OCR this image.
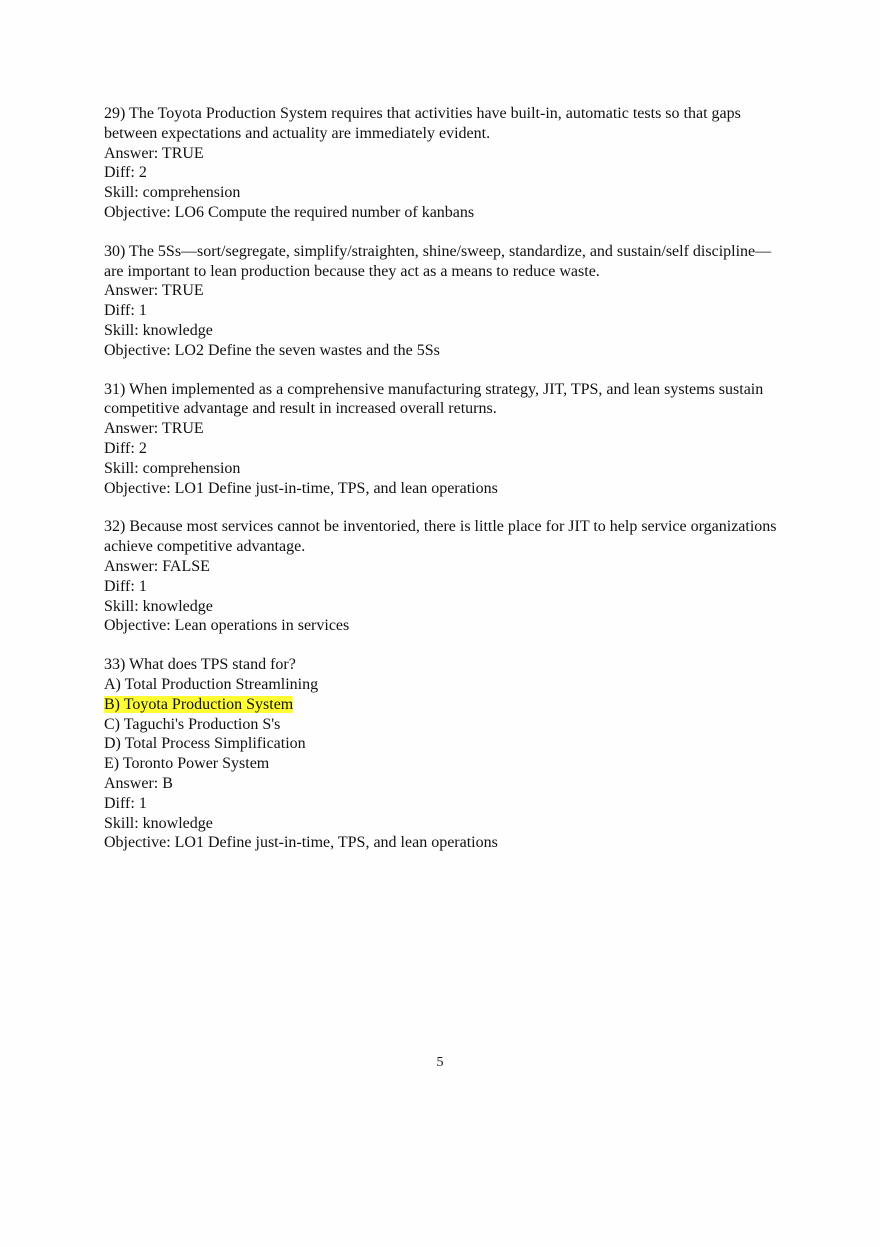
29) The Toyota Production System requires that activities have built-in, automatic tests so that gaps between expectations and actuality are immediately evident.
Answer: TRUE
Diff: 2
Skill: comprehension
Objective: LO6 Compute the required number of kanbans
30) The 5Ss—sort/segregate, simplify/straighten, shine/sweep, standardize, and sustain/self discipline—are important to lean production because they act as a means to reduce waste.
Answer: TRUE
Diff: 1
Skill: knowledge
Objective: LO2 Define the seven wastes and the 5Ss
31) When implemented as a comprehensive manufacturing strategy, JIT, TPS, and lean systems sustain competitive advantage and result in increased overall returns.
Answer: TRUE
Diff: 2
Skill: comprehension
Objective: LO1 Define just-in-time, TPS, and lean operations
32) Because most services cannot be inventoried, there is little place for JIT to help service organizations achieve competitive advantage.
Answer: FALSE
Diff: 1
Skill: knowledge
Objective: Lean operations in services
33) What does TPS stand for?
A) Total Production Streamlining
B) Toyota Production System
C) Taguchi's Production S's
D) Total Process Simplification
E) Toronto Power System
Answer: B
Diff: 1
Skill: knowledge
Objective: LO1 Define just-in-time, TPS, and lean operations
5
